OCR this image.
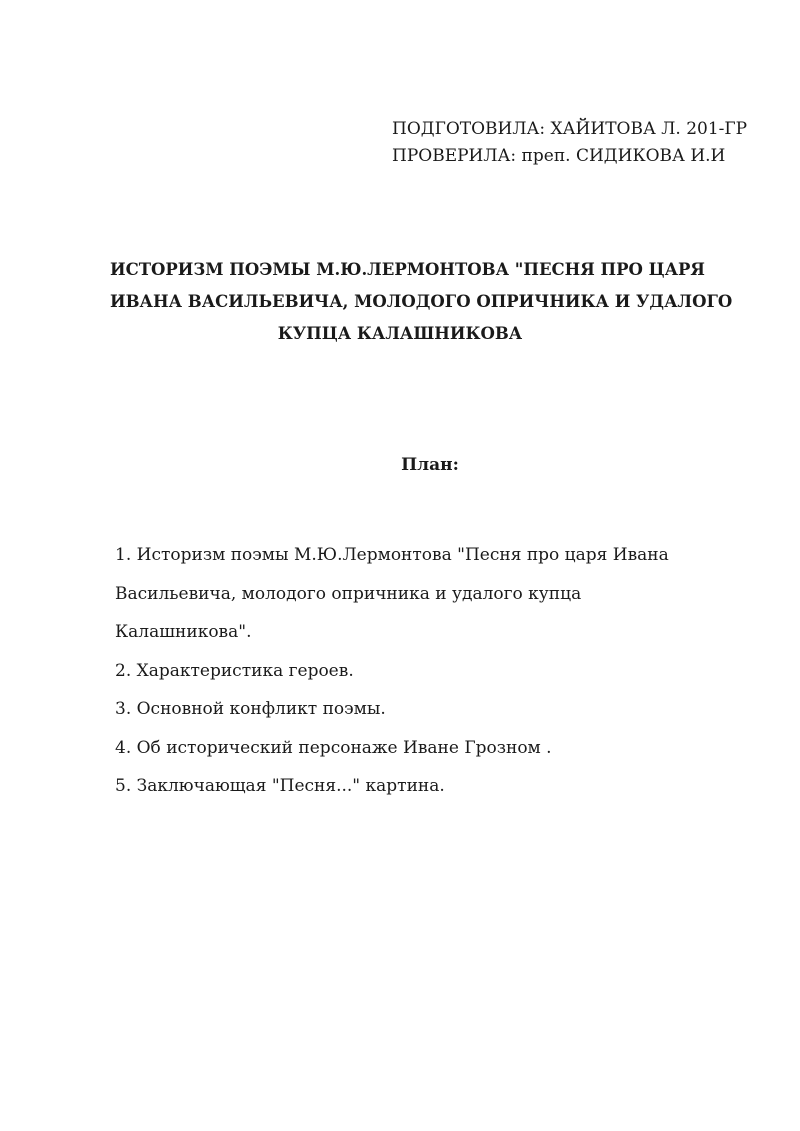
ПОДГОТОВИЛА: ХАЙИТОВА Л. 201-ГР
ПРОВЕРИЛА: преп. СИДИКОВА И.И
ИСТОРИЗМ ПОЭМЫ М.Ю.ЛЕРМОНТОВА "ПЕСНЯ ПРО ЦАРЯ
ИВАНА ВАСИЛЬЕВИЧА, МОЛОДОГО ОПРИЧНИКА И УДАЛОГО
КУПЦА КАЛАШНИКОВА
План:
1. Историзм поэмы М.Ю.Лермонтова "Песня про царя Ивана
Васильевича, молодого опричника и удалого купца
Калашникова".
2. Характеристика героев.
3. Основной конфликт поэмы.
4. Об исторический персонаже Иване Грозном .
5. Заключающая "Песня..." картина.
